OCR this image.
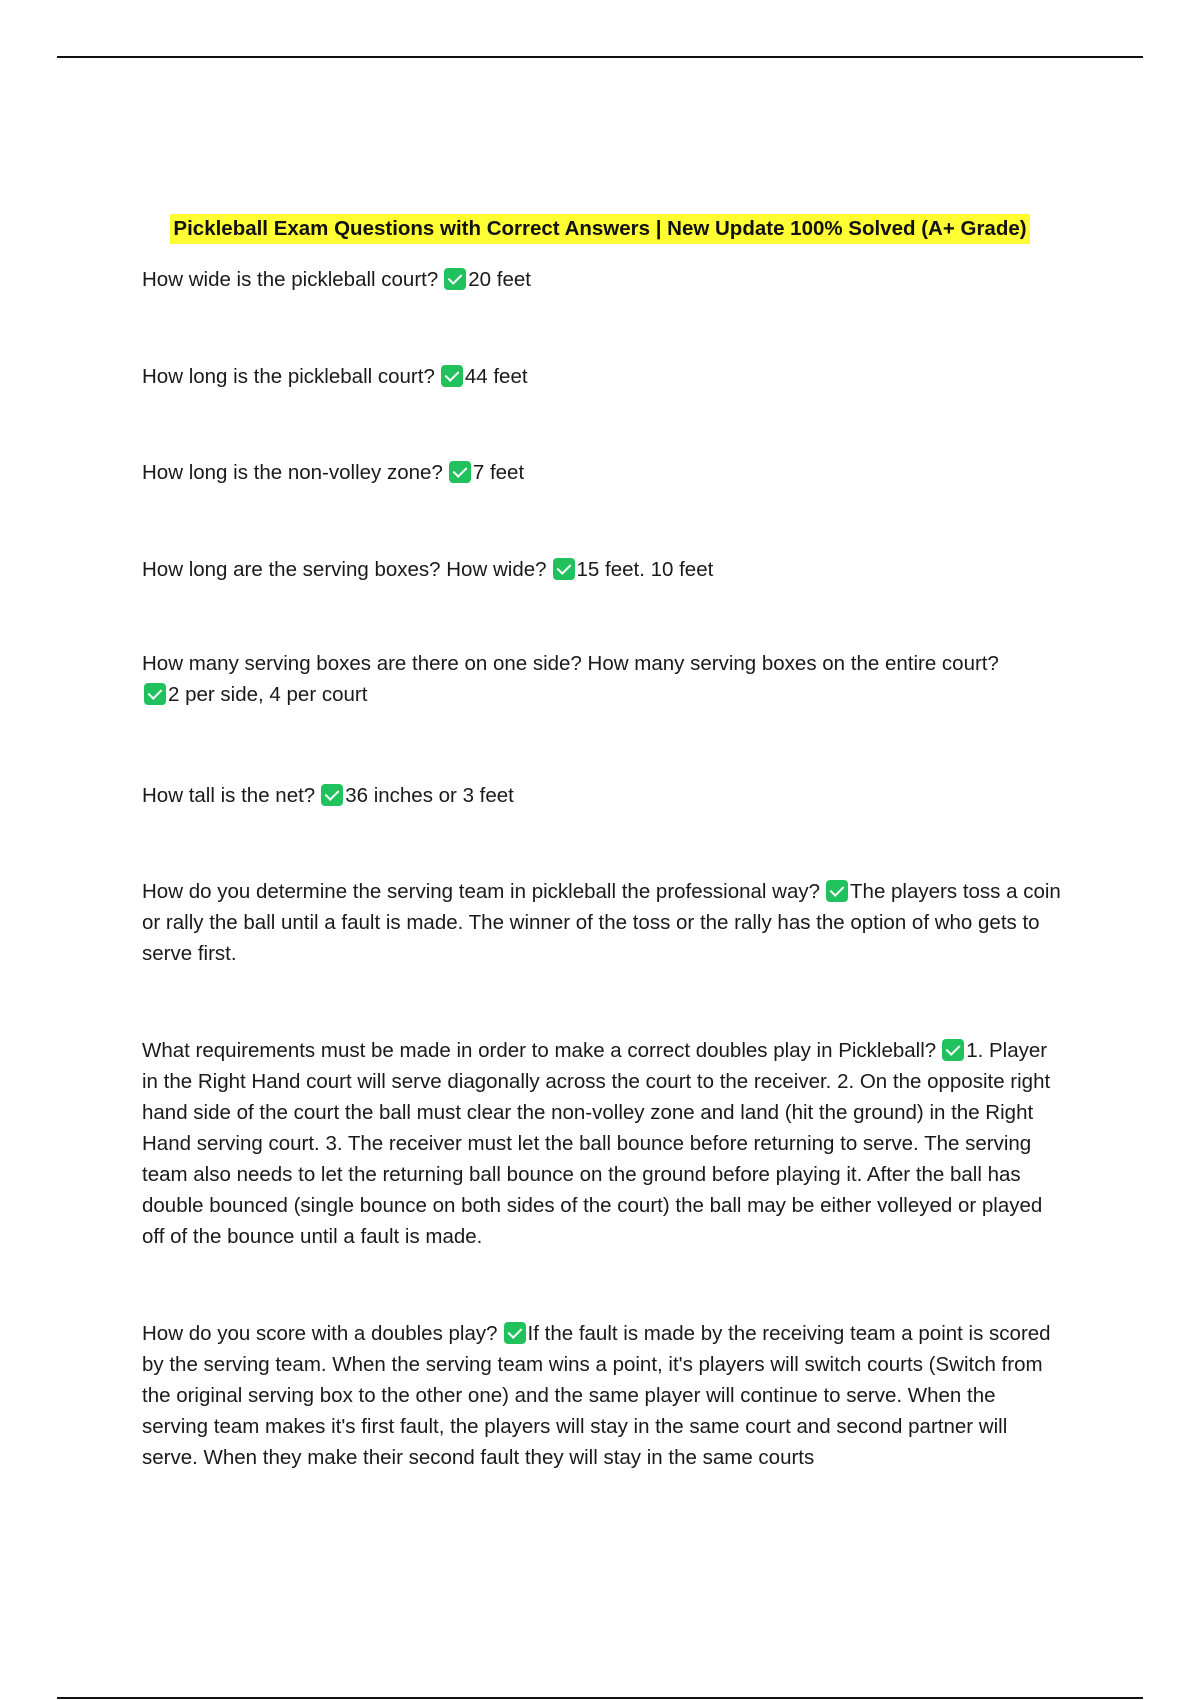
Pickleball Exam Questions with Correct Answers | New Update 100% Solved (A+ Grade)

How wide is the pickleball court? 20 feet

How long is the pickleball court? 44 feet

How long is the non-volley zone? 7 feet

How long are the serving boxes? How wide? 15 feet. 10 feet

How many serving boxes are there on one side? How many serving boxes on the entire court?
2 per side, 4 per court

How tall is the net? 36 inches or 3 feet

How do you determine the serving team in pickleball the professional way? The players toss a coin or rally the ball until a fault is made. The winner of the toss or the rally has the option of who gets to serve first.

What requirements must be made in order to make a correct doubles play in Pickleball? 1. Player in the Right Hand court will serve diagonally across the court to the receiver. 2. On the opposite right hand side of the court the ball must clear the non-volley zone and land (hit the ground) in the Right Hand serving court. 3. The receiver must let the ball bounce before returning to serve. The serving team also needs to let the returning ball bounce on the ground before playing it. After the ball has double bounced (single bounce on both sides of the court) the ball may be either volleyed or played off of the bounce until a fault is made.

How do you score with a doubles play? If the fault is made by the receiving team a point is scored by the serving team. When the serving team wins a point, it's players will switch courts (Switch from the original serving box to the other one) and the same player will continue to serve. When the serving team makes it's first fault, the players will stay in the same court and second partner will serve. When they make their second fault they will stay in the same courts
